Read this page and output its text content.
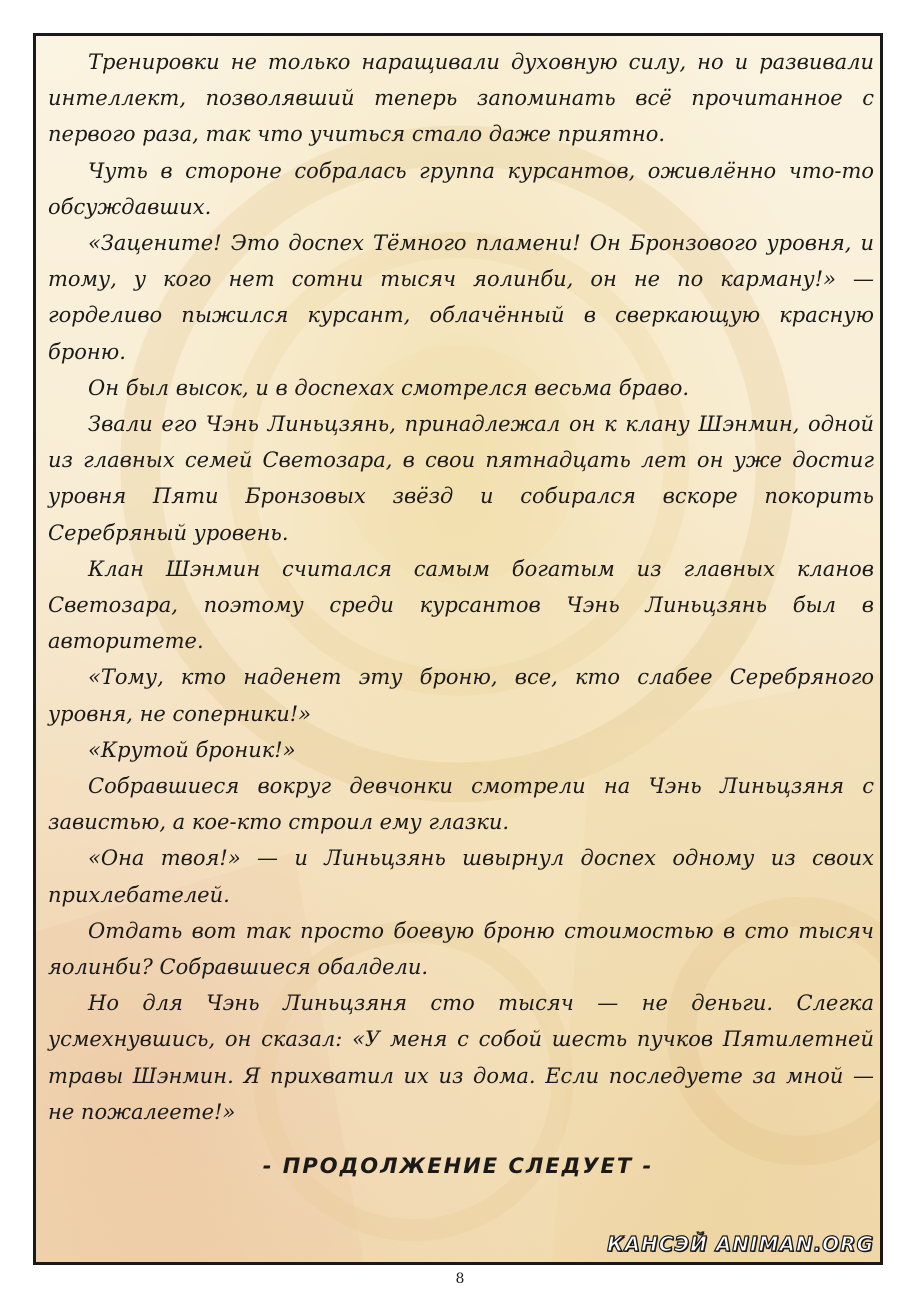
Тренировки не только наращивали духовную силу, но и развивали интеллект, позволявший теперь запоминать всё прочитанное с первого раза, так что учиться стало даже приятно.

Чуть в стороне собралась группа курсантов, оживлённо что-то обсуждавших.

«Зацените! Это доспех Тёмного пламени! Он Бронзового уровня, и тому, у кого нет сотни тысяч яолинби, он не по карману!» — горделиво пыжился курсант, облачённый в сверкающую красную броню.

Он был высок, и в доспехах смотрелся весьма браво.

Звали его Чэнь Линьцзянь, принадлежал он к клану Шэнмин, одной из главных семей Светозара, в свои пятнадцать лет он уже достиг уровня Пяти Бронзовых звёзд и собирался вскоре покорить Серебряный уровень.

Клан Шэнмин считался самым богатым из главных кланов Светозара, поэтому среди курсантов Чэнь Линьцзянь был в авторитете.

«Тому, кто наденет эту броню, все, кто слабее Серебряного уровня, не соперники!»

«Крутой броник!»

Собравшиеся вокруг девчонки смотрели на Чэнь Линьцзяня с завистью, а кое-кто строил ему глазки.

«Она твоя!» — и Линьцзянь швырнул доспех одному из своих прихлебателей.

Отдать вот так просто боевую броню стоимостью в сто тысяч яолинби? Собравшиеся обалдели.

Но для Чэнь Линьцзяня сто тысяч — не деньги. Слегка усмехнувшись, он сказал: «У меня с собой шесть пучков Пятилетней травы Шэнмин. Я прихватил их из дома. Если последуете за мной — не пожалеете!»

- ПРОДОЛЖЕНИЕ СЛЕДУЕТ -
КАНСЭЙ ANIMAN.ORG
8
